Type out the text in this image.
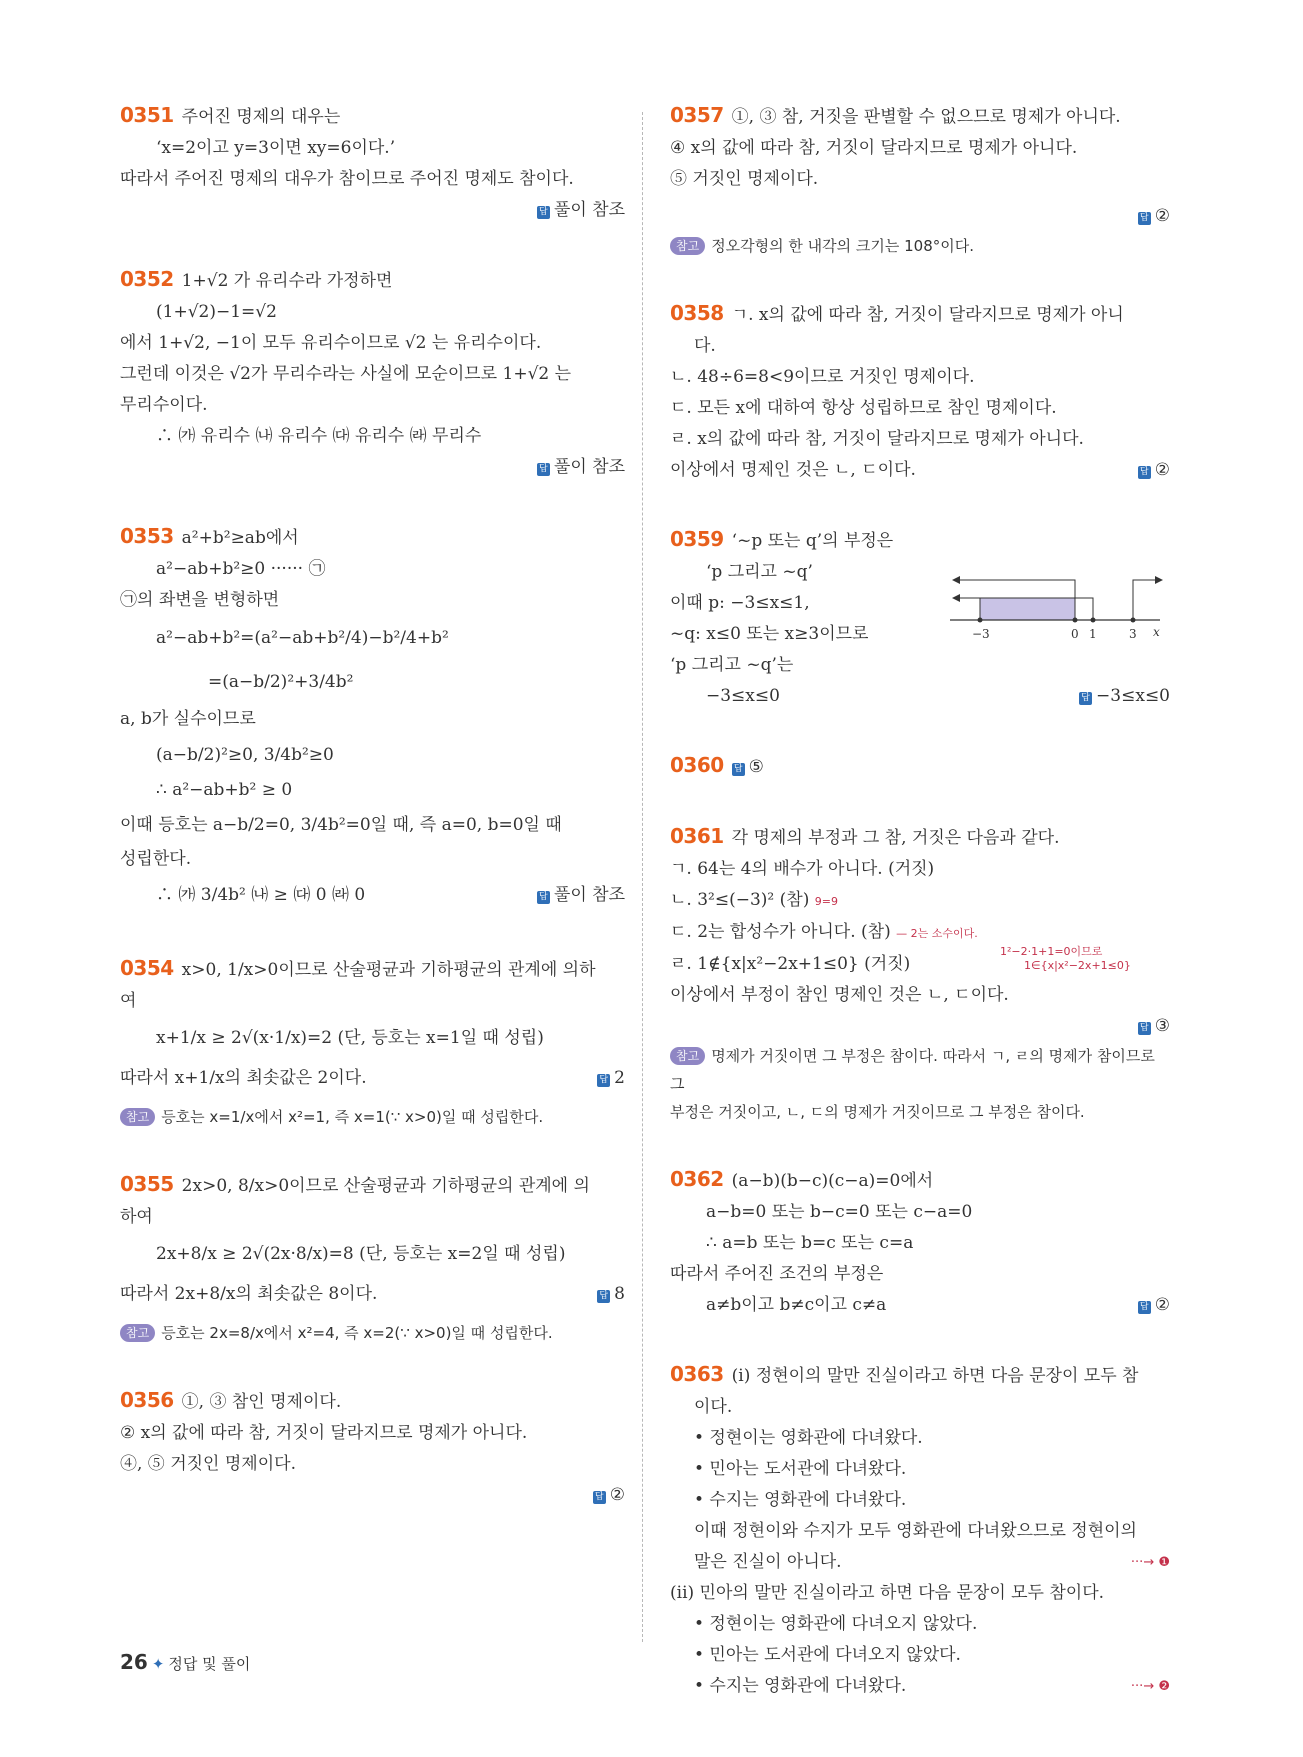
0351 주어진 명제의 대우는
‘x=2이고 y=3이면 xy=6이다.’
따라서 주어진 명제의 대우가 참이므로 주어진 명제도 참이다.
답 풀이 참조
0352 1+√2 가 유리수라 가정하면
(1+√2)−1=√2
에서 1+√2, −1이 모두 유리수이므로 √2 는 유리수이다.
그런데 이것은 √2가 무리수라는 사실에 모순이므로 1+√2 는
무리수이다.
∴ ㈎ 유리수 ㈏ 유리수 ㈐ 유리수 ㈑ 무리수
답 풀이 참조
0353 a²+b²≥ab에서
a²−ab+b²≥0 ······ ㉠
㉠의 좌변을 변형하면
a²−ab+b²=(a²−ab+b²/4)−b²/4+b²
=(a−b/2)²+3/4b²
a, b가 실수이므로
(a−b/2)²≥0, 3/4b²≥0
∴ a²−ab+b² ≥ 0
이때 등호는 a−b/2=0, 3/4b²=0일 때, 즉 a=0, b=0일 때
성립한다.
∴ ㈎ 3/4b² ㈏ ≥ ㈐ 0 ㈑ 0	답 풀이 참조
0354 x>0, 1/x>0이므로 산술평균과 기하평균의 관계에 의하
여
x+1/x ≥ 2√(x·1/x)=2 (단, 등호는 x=1일 때 성립)
따라서 x+1/x의 최솟값은 2이다.	답 2
참고 등호는 x=1/x에서 x²=1, 즉 x=1(∵ x>0)일 때 성립한다.
0355 2x>0, 8/x>0이므로 산술평균과 기하평균의 관계에 의
하여
2x+8/x ≥ 2√(2x·8/x)=8 (단, 등호는 x=2일 때 성립)
따라서 2x+8/x의 최솟값은 8이다.	답 8
참고 등호는 2x=8/x에서 x²=4, 즉 x=2(∵ x>0)일 때 성립한다.
0356 ①, ③ 참인 명제이다.
② x의 값에 따라 참, 거짓이 달라지므로 명제가 아니다.
④, ⑤ 거짓인 명제이다.
답 ②
0357 ①, ③ 참, 거짓을 판별할 수 없으므로 명제가 아니다.
④ x의 값에 따라 참, 거짓이 달라지므로 명제가 아니다.
⑤ 거짓인 명제이다.
답 ②
참고 정오각형의 한 내각의 크기는 108°이다.
0358 ㄱ. x의 값에 따라 참, 거짓이 달라지므로 명제가 아니
다.
ㄴ. 48÷6=8<9이므로 거짓인 명제이다.
ㄷ. 모든 x에 대하여 항상 성립하므로 참인 명제이다.
ㄹ. x의 값에 따라 참, 거짓이 달라지므로 명제가 아니다.
이상에서 명제인 것은 ㄴ, ㄷ이다.	답 ②
0359 ‘~p 또는 q’의 부정은
‘p 그리고 ~q’
이때 p: −3≤x≤1,
~q: x≤0 또는 x≥3이므로
‘p 그리고 ~q’는
−3≤x≤0	답 −3≤x≤0
0360 답 ⑤
0361 각 명제의 부정과 그 참, 거짓은 다음과 같다.
ㄱ. 64는 4의 배수가 아니다. (거짓)
ㄴ. 3²≤(−3)² (참) 9=9
ㄷ. 2는 합성수가 아니다. (참) — 2는 소수이다.
ㄹ. 1∉{x|x²−2x+1≤0} (거짓)
1²−2·1+1=0이므로
1∈{x|x²−2x+1≤0}
이상에서 부정이 참인 명제인 것은 ㄴ, ㄷ이다.
답 ③
참고 명제가 거짓이면 그 부정은 참이다. 따라서 ㄱ, ㄹ의 명제가 참이므로 그
부정은 거짓이고, ㄴ, ㄷ의 명제가 거짓이므로 그 부정은 참이다.
0362 (a−b)(b−c)(c−a)=0에서
a−b=0 또는 b−c=0 또는 c−a=0
∴ a=b 또는 b=c 또는 c=a
따라서 주어진 조건의 부정은
a≠b이고 b≠c이고 c≠a	답 ②
0363 (i) 정현이의 말만 진실이라고 하면 다음 문장이 모두 참
이다.
• 정현이는 영화관에 다녀왔다.
• 민아는 도서관에 다녀왔다.
• 수지는 영화관에 다녀왔다.
이때 정현이와 수지가 모두 영화관에 다녀왔으므로 정현이의
말은 진실이 아니다.	···→ ❶
(ii) 민아의 말만 진실이라고 하면 다음 문장이 모두 참이다.
• 정현이는 영화관에 다녀오지 않았다.
• 민아는 도서관에 다녀오지 않았다.
• 수지는 영화관에 다녀왔다.	···→ ❷
−3	0 1	3 x
26 ✦ 정답 및 풀이
